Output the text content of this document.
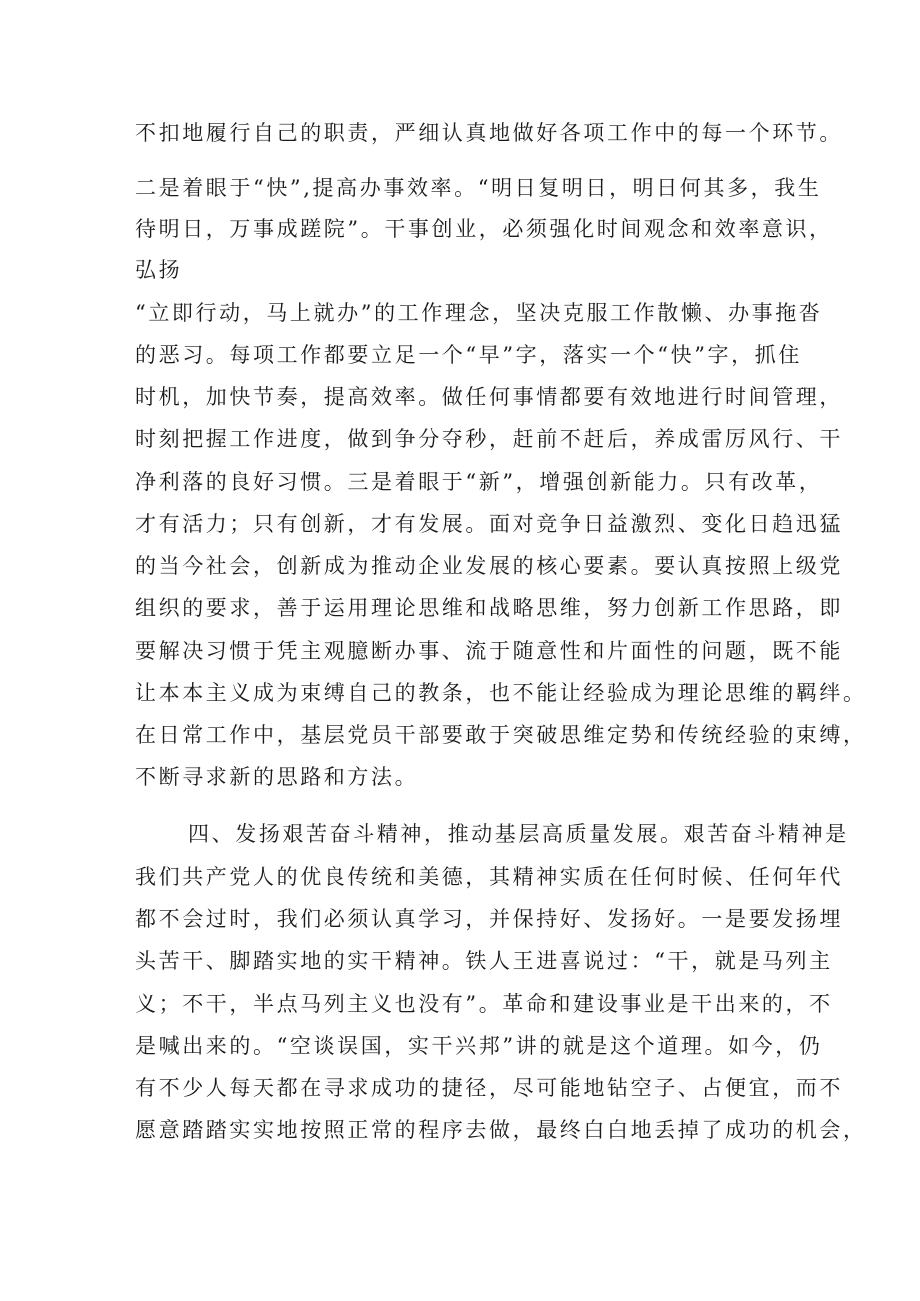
不扣地履行自己的职责，严细认真地做好各项工作中的每一个环节。
二是着眼于“快”,提高办事效率。“明日复明日，明日何其多，我生
待明日，万事成蹉院”。干事创业，必须强化时间观念和效率意识，
弘扬
“立即行动，马上就办”的工作理念，坚决克服工作散懒、办事拖沓
的恶习。每项工作都要立足一个“早”字，落实一个“快”字，抓住
时机，加快节奏，提高效率。做任何事情都要有效地进行时间管理，
时刻把握工作进度，做到争分夺秒，赶前不赶后，养成雷厉风行、干
净利落的良好习惯。三是着眼于“新”，增强创新能力。只有改革，
才有活力；只有创新，才有发展。面对竞争日益激烈、变化日趋迅猛
的当今社会，创新成为推动企业发展的核心要素。要认真按照上级党
组织的要求，善于运用理论思维和战略思维，努力创新工作思路，即
要解决习惯于凭主观臆断办事、流于随意性和片面性的问题，既不能
让本本主义成为束缚自己的教条，也不能让经验成为理论思维的羁绊。
在日常工作中，基层党员干部要敢于突破思维定势和传统经验的束缚，
不断寻求新的思路和方法。
四、发扬艰苦奋斗精神，推动基层高质量发展。艰苦奋斗精神是
我们共产党人的优良传统和美德，其精神实质在任何时候、任何年代
都不会过时，我们必须认真学习，并保持好、发扬好。一是要发扬埋
头苦干、脚踏实地的实干精神。铁人王进喜说过：“干，就是马列主
义；不干，半点马列主义也没有”。革命和建设事业是干出来的，不
是喊出来的。“空谈误国，实干兴邦”讲的就是这个道理。如今，仍
有不少人每天都在寻求成功的捷径，尽可能地钻空子、占便宜，而不
愿意踏踏实实地按照正常的程序去做，最终白白地丢掉了成功的机会，
